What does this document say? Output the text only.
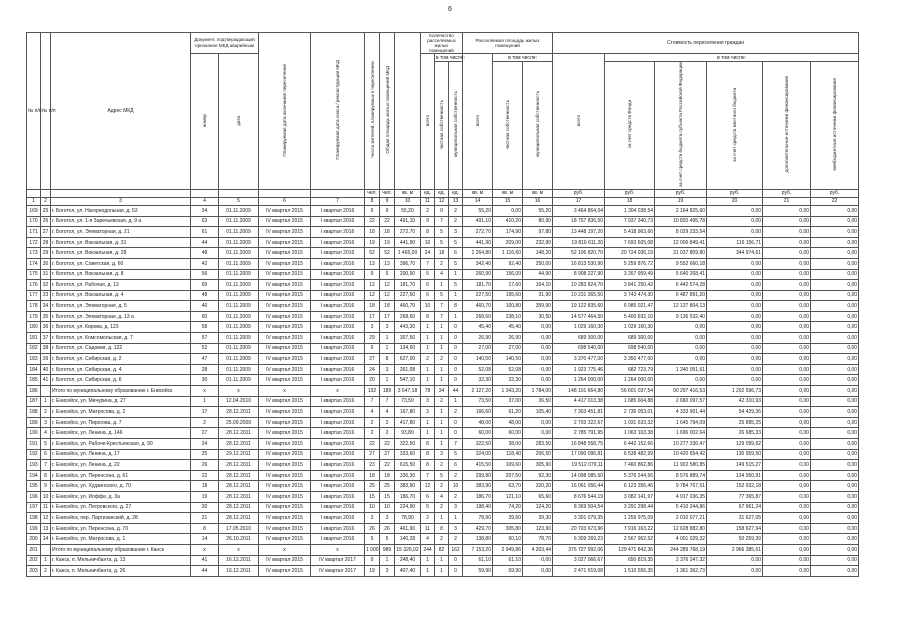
6
№ п/п	№ п/п	Адрес МКД	Документ, подтверждающий признание МКД аварийным		Планируемая дата окончания переселения	Планируемая дата сноса / реконструкции МКД	Число жителей, планируемых к переселению	Общая площадь жилых помещений МКД		Количество расселяемых жилых помещений			Расселяемая площадь жилых помещений			Стоимость переселения граждан					
			номер	дата						всего	в том числе:		всего	в том числе:		всего	в том числе:				
											частная собственность	муниципальная собственность		частная собственность	муниципальная собственность		за счет средств Фонда	за счет средств бюджета субъекта Российской Федерации	за счет средств местного бюджета	дополнительные источники финансирования	внебюджетные источники финансирования
							чел.	чел.	кв. м	ед.	ед.	ед.	кв. м	кв. м	кв. м	руб.	руб.	руб.	руб.	руб.	руб.
1	2	3	4	5	6	7	8	9	10	11	12	13	14	15	16	17	18	19	20	21	22
169	25	г. Боготол, ул. Нагорнодольная, д. 52	34	01.11.2009	IV квартал 2015	I квартал 2016	9	9	55,20	2	0	2	55,20	0,00	55,20	3 464 864,04	1 304 038,54	2 164 825,60	0,00	0,00	0,00
170	26	г. Боготол, ул. 1-я Заречьевская, д. 9 а	63	01.11.2009	IV квартал 2015	I квартал 2016	22	22	491,10	9	7	2	491,10	410,20	80,90	18 757 836,50	7 937 340,73	10 820 495,78	0,00	0,00	0,00
171	27	г. Боготол, ул. Элеваторная, д. 21	61	01.11.2009	IV квартал 2015	I квартал 2016	18	18	272,70	8	5	3	272,70	174,90	97,80	13 448 197,20	5 418 963,66	8 029 233,54	0,00	0,00	0,00
172	28	г. Боготол, ул. Вокзальная, д. 31	44	01.11.2009	IV квартал 2015	I квартал 2016	19	19	441,90	10	5	5	441,90	209,00	232,90	19 816 611,20	7 693 605,08	12 006 849,41	116 156,71	0,00	0,00
173	29	г. Боготол, ул. Вокзальная, д. 28	48	01.11.2009	IV квартал 2015	I квартал 2016	52	52	1 465,00	24	18	6	1 264,80	1 116,60	148,20	52 106 820,70	20 724 036,19	31 037 809,80	344 974,61	0,00	0,00
174	30	г. Боготол, ул. Советская, д. 60	42	01.11.2009	IV квартал 2015	I квартал 2016	13	13	396,70	7	2	5	342,40	92,40	250,00	16 813 530,90	5 259 876,72	9 552 660,18	0,00	0,00	0,00
175	31	г. Боготол, ул. Вокзальная, д. 8	56	01.11.2009	IV квартал 2015	I квартал 2016	9	6	200,90	5	4	1	260,90	156,00	44,90	8 908 227,90	3 267 959,49	5 640 268,41	0,00	0,00	0,00
176	32	г. Боготол, ул. Рабочая, д. 13	69	01.11.2009	IV квартал 2015	I квартал 2016	12	12	181,70	6	1	5	181,70	17,60	164,10	10 283 824,70	3 841 250,42	6 442 574,28	0,00	0,00	0,00
177	33	г. Боготол, ул. Вокзальная, д. 4	48	01.11.2009	IV квартал 2015	I квартал 2016	12	12	227,50	6	5	1	227,50	195,60	31,90	10 231 365,50	3 743 474,30	6 487 891,20	0,00	0,00	0,00
178	34	г. Боготол, ул. Элеваторная, д. 5	40	01.11.2009	IV квартал 2015	I квартал 2016	18	18	460,70	10	7	8	460,70	100,80	359,90	19 122 835,60	6 985 021,47	12 137 804,13	0,00	0,00	0,00
179	35	г. Боготол, ул. Элеваторная, д. 13 а	60	01.11.2009	IV квартал 2015	I квартал 2016	17	17	268,60	8	7	1	268,60	238,10	30,50	14 577 464,50	5 400 932,10	9 136 532,40	0,00	0,00	0,00
180	36	г. Боготол, ул. Кирова, д. 123	58	01.11.2009	IV квартал 2015	I квартал 2016	3	3	443,30	1	1	0	45,40	45,40	0,00	1 029 160,30	1 029 160,30	0,00	0,00	0,00	0,00
181	37	г. Боготол, ул. Комсомольская, д. 7	57	01.11.2009	IV квартал 2015	I квартал 2016	29	1	307,50	1	1	0	26,90	26,90	0,00	689 300,00	689 300,00	0,00	0,00	0,00	0,00
182	38	г. Боготол, ул. Садовая, д. 122	52	01.11.2009	IV квартал 2015	I квартал 2016	6	1	134,60	1	1	0	27,00	27,00	0,00	698 540,00	698 540,00	0,00	0,00	0,00	0,00
183	39	г. Боготол, ул. Сибирская, д. 2	47	01.11.2009	IV квартал 2015	I квартал 2016	27	8	627,00	2	2	0	140,50	140,50	0,00	3 370 477,00	3 350 477,00	0,00	0,00	0,00	0,00
184	40	г. Боготол, ул. Сибирская, д. 4	28	01.11.2009	IV квартал 2015	I квартал 2016	24	3	261,08	1	1	0	52,08	52,08	0,00	1 923 775,46	682 723,79	1 240 051,61	0,00	0,00	0,00
185	41	г. Боготол, ул. Сибирская, д. 6	30	01.11.2009	IV квартал 2015	I квартал 2016	20	1	547,10	1	1	0	32,30	32,30	0,00	1 264 000,00	1 264 000,00	0,00	0,00	0,00	0,00
186		Итого по муниципальному образованию г. Енисейск	x	x	x	x	192	189	3 647,18	78	34	44	2 127,20	1 343,20	1 784,00	148 101 664,80	56 601 037,54	90 297 416,53	1 202 596,73	0,00	0,00
187	1	г. Енисейск, ул. Мичурина, д. 27	1	12.04.2010	IV квартал 2015	I квартал 2016	7	7	73,50	3	2	1	73,50	37,00	36,50	4 417 013,38	1 685 604,88	2 680 097,57	42 310,93	0,00	0,00
188	2	г. Енисейск, ул. Матросова, д. 2	17	28.12.2011	IV квартал 2015	I квартал 2016	4	4	167,80	3	1	2	166,60	61,20	105,40	7 303 451,81	2 736 053,01	4 333 901,44	54 429,36	0,00	0,00
189	3	г. Енисейск, ул. Пирогова, д. 7	2	25.09.2009	IV квартал 2015	I квартал 2016	2	2	417,80	1	1	0	48,00	48,00	0,00	2 703 322,67	1 031 633,32	1 645 794,09	25 895,25	0,00	0,00
190	4	г. Енисейск, ул. Ленина, д. 146	27	28.12.2011	IV квартал 2015	I квартал 2016	2	2	93,80	1	1	0	60,00	60,00	0,00	2 785 791,95	1 063 103,38	1 696 002,64	26 685,33	0,00	0,00
191	5	г. Енисейск, ул. Рабоче-Крестьянская, д. 90	24	28.12.2011	IV квартал 2015	I квартал 2016	22	22	322,50	8	1	7	322,50	38,00	283,50	16 848 558,75	6 442 152,66	10 277 336,47	129 099,62	0,00	0,00
192	6	г. Енисейск, ул. Ленина, д. 17	25	29.12.2011	IV квартал 2015	I квартал 2016	27	27	333,60	8	3	5	324,00	118,40	206,50	17 090 096,81	6 538 482,99	10 420 654,42	130 959,50	0,00	0,00
193	7	г. Енисейск, ул. Ленина, д. 22	26	28.12.2011	IV квартал 2015	I квартал 2016	23	22	615,50	8	2	6	415,50	109,60	305,90	19 512 079,11	7 460 862,86	11 902 580,85	149 515,27	0,00	0,00
194	8	г. Енисейск, ул. Перенсона, д. 61	22	28.12.2011	IV квартал 2015	I квартал 2016	18	18	336,30	7	5	2	299,80	207,50	92,30	14 098 085,60	5 376 244,56	8 576 889,74	134 950,91	0,00	0,00
195	9	г. Енисейск, ул. Худзинского, д. 70	18	28.12.2011	IV квартал 2015	I квартал 2016	25	25	383,90	12	2	10	383,90	63,70	320,20	16 061 056,44	6 123 356,46	9 784 767,51	152 932,18	0,00	0,00
196	10	г. Енисейск, ул. Иоффе, д. 3а	19	28.12.2011	IV квартал 2015	I квартал 2016	15	15	186,70	6	4	2	186,70	121,10	65,60	8 676 544,19	3 082 141,97	4 917 036,35	77 365,87	0,00	0,00
197	11	г. Енисейск, ул. Петровского, д. 27	20	28.12.2011	IV квартал 2015	I квартал 2016	10	10	224,90	5	2	3	198,40	74,20	124,20	8 369 504,54	3 291 298,44	5 410 244,86	67 961,24	0,00	0,00
198	12	г. Енисейск, пер. Партизанский, д. 28	21	28.12.2011	IV квартал 2015	I квартал 2016	3	3	78,90	2	1	1	78,90	39,60	39,30	3 301 079,35	1 259 975,09	2 010 077,21	31 627,05	0,00	0,00
199	13	г. Енисейск, ул. Перенсона, д. 70	8	17.05.2010	IV квартал 2015	I квартал 2016	26	26	461,90	11	8	3	429,70	305,80	123,90	20 703 673,96	7 916 163,22	12 628 882,80	158 627,94	0,00	0,00
200	14	г. Енисейск, ул. Матросова, д. 1	14	26.10.2011	IV квартал 2015	I квартал 2016	5	5	140,28	4	2	2	138,80	60,10	78,70	6 309 269,23	2 567 962,52	4 001 029,32	50 259,39	0,00	0,00
201		Итого по муниципальному образованию г. Канск	x	x	x	x	1 000	989	15 326,02	244	82	162	7 153,20	2 949,86	4 203,44	376 727 992,06	129 471 842,36	244 289 768,19	2 966 385,61	0,00	0,00
202	1	г. Канск, п. Мельничбанта, д. 13	41	16.12.2011	IV квартал 2015	IV квартал 2017	9	1	248,40	1	1	0	61,10	61,10	0,00	3 027 066,67	650 819,35	2 376 247,32	0,00	0,00	0,00
203	2	г. Канск, п. Мельничбанта, д. 26	44	16.12.2011	IV квартал 2015	IV квартал 2017	19	3	407,40	1	1	0	59,90	59,90	0,00	2 471 919,08	1 510 556,35	1 361 362,73	0,00	0,00	0,00
